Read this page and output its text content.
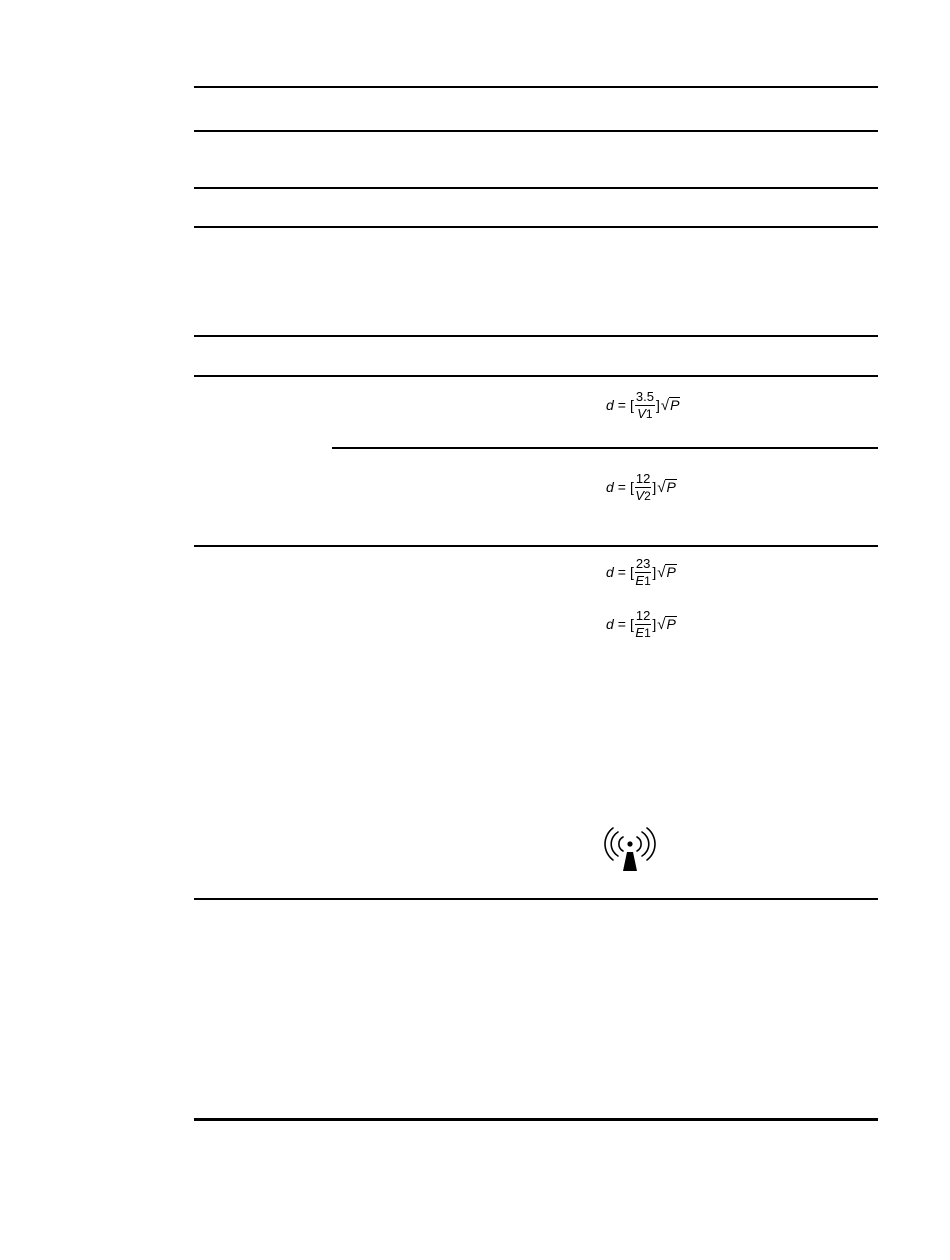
d = [ $\frac{3.5}{V1}$ ] √ P
d = [ $\frac{12}{V2}$ ] √ P
d = [ $\frac{23}{E1}$ ] √ P
d = [ $\frac{12}{E1}$ ] √ P
